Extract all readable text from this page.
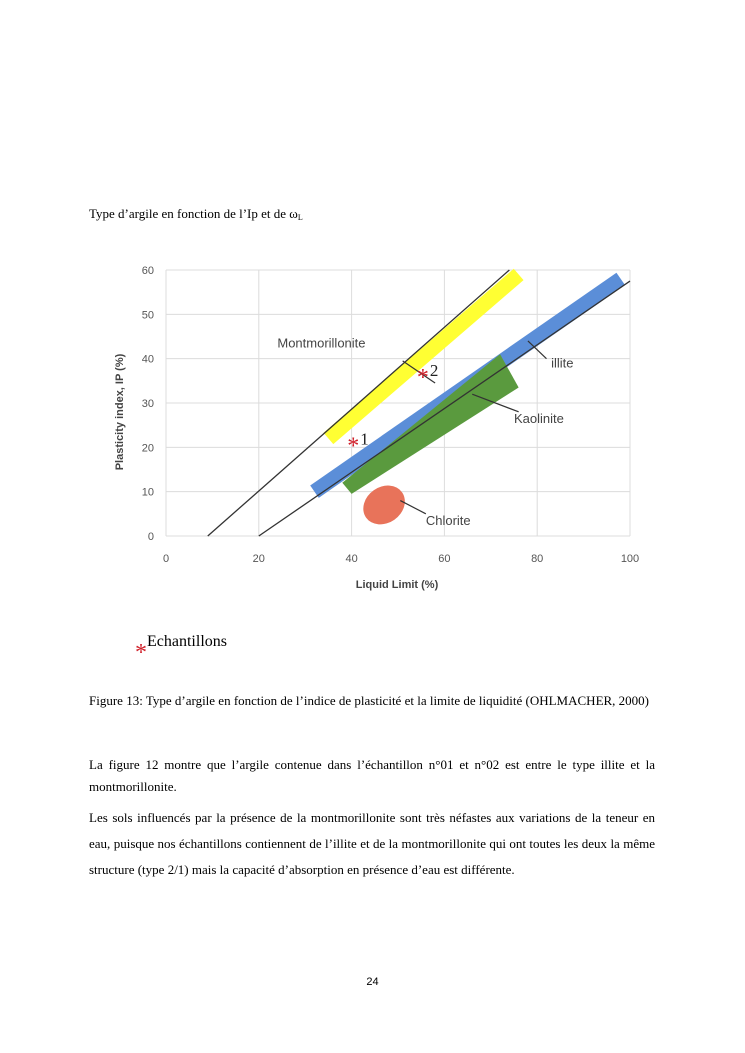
Type d’argile en fonction de l’Ip et de $\omega_L$
0
10
20
30
40
50
60
0	20	40	60	80	100
Montmorillonite
illite
Kaolinite
Chlorite
* 1
* 2
Liquid Limit (%)
Plasticity index, IP (%)
*Echantillons

Figure 13: Type d’argile en fonction de l’indice de plasticité et la limite de liquidité (OHLMACHER, 2000)

La figure 12 montre que l’argile contenue dans l’échantillon n°01 et n°02 est entre le type illite et la montmorillonite.

Les sols influencés par la présence de la montmorillonite sont très néfastes aux variations de la teneur en eau, puisque nos échantillons contiennent de l’illite et de la montmorillonite qui ont toutes les deux la même structure (type 2/1) mais la capacité d’absorption en présence d’eau est différente.

24
